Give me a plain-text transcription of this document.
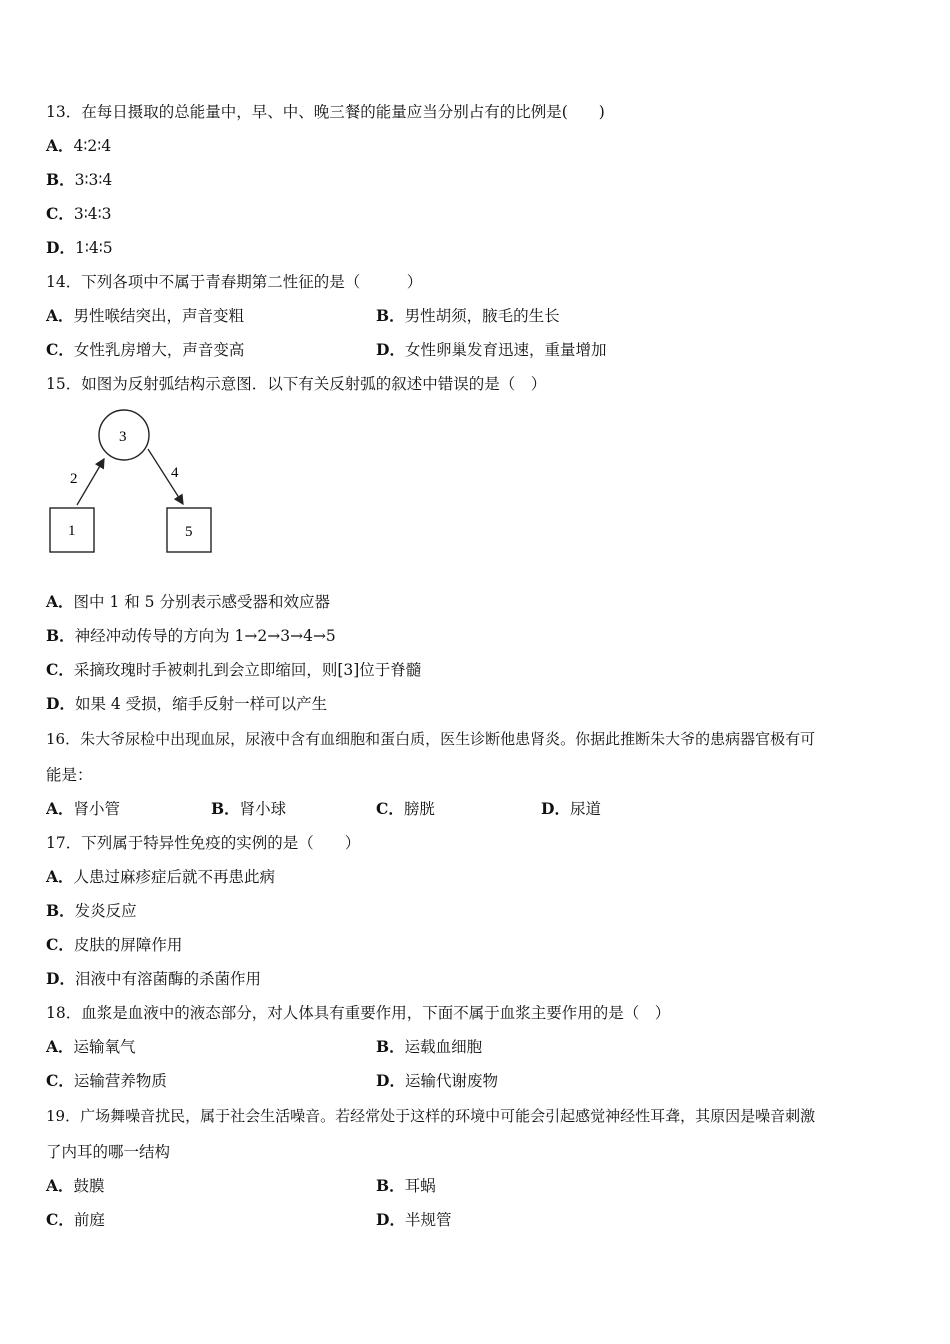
13．在每日摄取的总能量中，早、中、晚三餐的能量应当分别占有的比例是(　　)
A．4∶2∶4
B．3∶3∶4
C．3∶4∶3
D．1∶4∶5
14．下列各项中不属于青春期第二性征的是（　　　）
A．男性喉结突出，声音变粗	B．男性胡须，腋毛的生长
C．女性乳房增大，声音变高	D．女性卵巢发育迅速，重量增加
15．如图为反射弧结构示意图．以下有关反射弧的叙述中错误的是（　）
3
1	5
2	4
A．图中 1 和 5 分别表示感受器和效应器
B．神经冲动传导的方向为 1→2→3→4→5
C．采摘玫瑰时手被刺扎到会立即缩回，则[3]位于脊髓
D．如果 4 受损，缩手反射一样可以产生
16．朱大爷尿检中出现血尿，尿液中含有血细胞和蛋白质，医生诊断他患肾炎。你据此推断朱大爷的患病器官极有可
能是：
A．肾小管	B．肾小球	C．膀胱	D．尿道
17．下列属于特异性免疫的实例的是（　　）
A．人患过麻疹症后就不再患此病
B．发炎反应
C．皮肤的屏障作用
D．泪液中有溶菌酶的杀菌作用
18．血浆是血液中的液态部分，对人体具有重要作用，下面不属于血浆主要作用的是（　）
A．运输氧气	B．运载血细胞
C．运输营养物质	D．运输代谢废物
19．广场舞噪音扰民，属于社会生活噪音。若经常处于这样的环境中可能会引起感觉神经性耳聋，其原因是噪音刺激
了内耳的哪一结构
A．鼓膜	B．耳蜗
C．前庭	D．半规管
